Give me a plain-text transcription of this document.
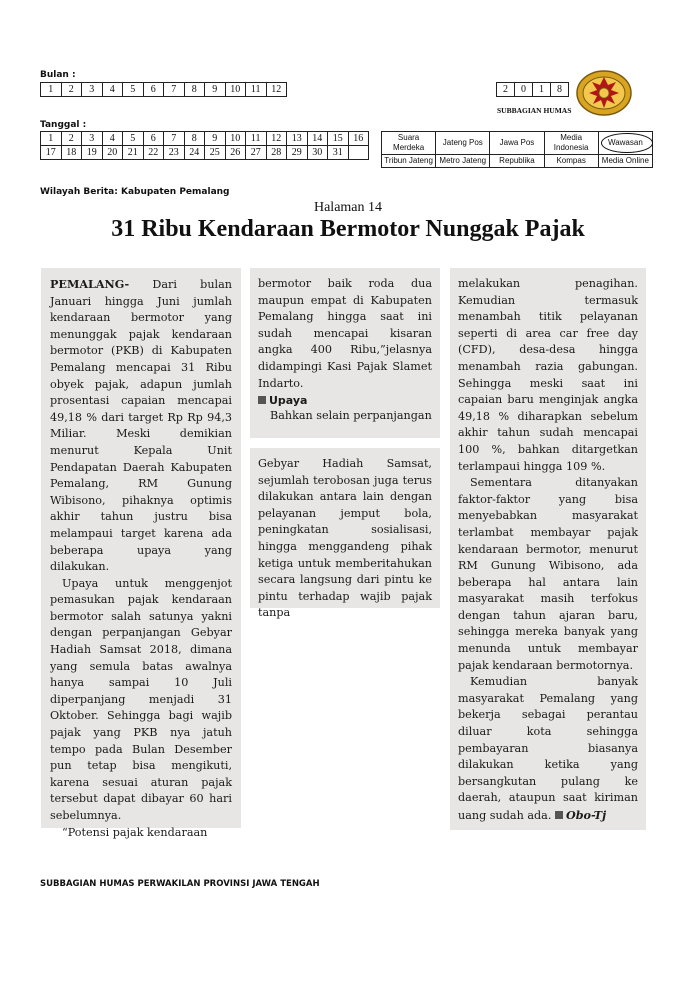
Bulan :
1	2	3	4	5	6	7	8	9	10	11	12
Tanggal :
1	2	3	4	5	6	7	8	9	10	11	12	13	14	15	16
17	18	19	20	21	22	23	24	25	26	27	28	29	30	31	
2	0	1	8
SUBBAGIAN HUMAS
Suara Merdeka	Jateng Pos	Jawa Pos	Media Indonesia	Wawasan

Tribun Jateng	Metro Jateng	Republika	Kompas	Media Online
Wilayah Berita: Kabupaten Pemalang
Halaman 14
31 Ribu Kendaraan Bermotor Nunggak Pajak

PEMALANG- Dari bulan Januari hingga Juni jumlah kendaraan bermotor yang menunggak pajak kendaraan bermotor (PKB) di Kabupaten Pemalang mencapai 31 Ribu obyek pajak, adapun jumlah prosentasi capaian mencapai 49,18 % dari target Rp Rp 94,3 Miliar. Meski demikian menurut Kepala Unit Pendapatan Daerah Kabupaten Pemalang, RM Gunung Wibisono, pihaknya optimis akhir tahun justru bisa melampaui target karena ada beberapa upaya yang dilakukan.

Upaya untuk menggenjot pemasukan pajak kendaraan bermotor salah satunya yakni dengan perpanjangan Gebyar Hadiah Samsat 2018, dimana yang semula batas awalnya hanya sampai 10 Juli diperpanjang menjadi 31 Oktober. Sehingga bagi wajib pajak yang PKB nya jatuh tempo pada Bulan Desember pun tetap bisa mengikuti, karena sesuai aturan pajak tersebut dapat dibayar 60 hari sebelumnya.

“Potensi pajak kendaraan

bermotor baik roda dua maupun empat di Kabupaten Pemalang hingga saat ini sudah mencapai kisaran angka 400 Ribu,”jelasnya didampingi Kasi Pajak Slamet Indarto.

Upaya

Bahkan selain perpanjangan

Gebyar Hadiah Samsat, sejumlah terobosan juga terus dilakukan antara lain dengan pelayanan jemput bola, peningkatan sosialisasi, hingga menggandeng pihak ketiga untuk memberitahukan secara langsung dari pintu ke pintu terhadap wajib pajak tanpa

melakukan penagihan. Kemudian termasuk menambah titik pelayanan seperti di area car free day (CFD), desa-desa hingga menambah razia gabungan. Sehingga meski saat ini capaian baru menginjak angka 49,18 % diharapkan sebelum akhir tahun sudah mencapai 100 %, bahkan ditargetkan terlampaui hingga 109 %.

Sementara ditanyakan faktor-faktor yang bisa menyebabkan masyarakat terlambat membayar pajak kendaraan bermotor, menurut RM Gunung Wibisono, ada beberapa hal antara lain masyarakat masih terfokus dengan tahun ajaran baru, sehingga mereka banyak yang menunda untuk membayar pajak kendaraan bermotornya.

Kemudian banyak masyarakat Pemalang yang bekerja sebagai perantau diluar kota sehingga pembayaran biasanya dilakukan ketika yang bersangkutan pulang ke daerah, ataupun saat kiriman uang sudah ada. Obo-Tj

SUBBAGIAN HUMAS PERWAKILAN PROVINSI JAWA TENGAH
